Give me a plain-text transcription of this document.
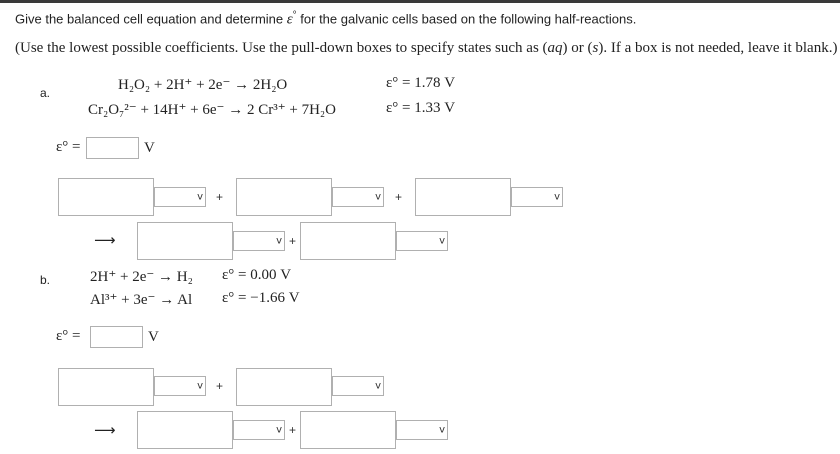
Give the balanced cell equation and determine ε° for the galvanic cells based on the following half-reactions.
(Use the lowest possible coefficients. Use the pull-down boxes to specify states such as (aq) or (s). If a box is not needed, leave it blank.)
a.	H₂O₂ + 2H⁺ + 2e⁻ → 2H₂O	ε° = 1.78 V
Cr₂O₇²⁻ + 14H⁺ + 6e⁻ → 2 Cr³⁺ + 7H₂O	ε° = 1.33 V
ε° =	V
v +	v +	v
⟶	v +	v
b.	2H⁺ + 2e⁻ → H₂ ε° = 0.00 V
Al³⁺ + 3e⁻ → Al ε° = −1.66 V
ε° =	V
v +	v
⟶	v +	v
